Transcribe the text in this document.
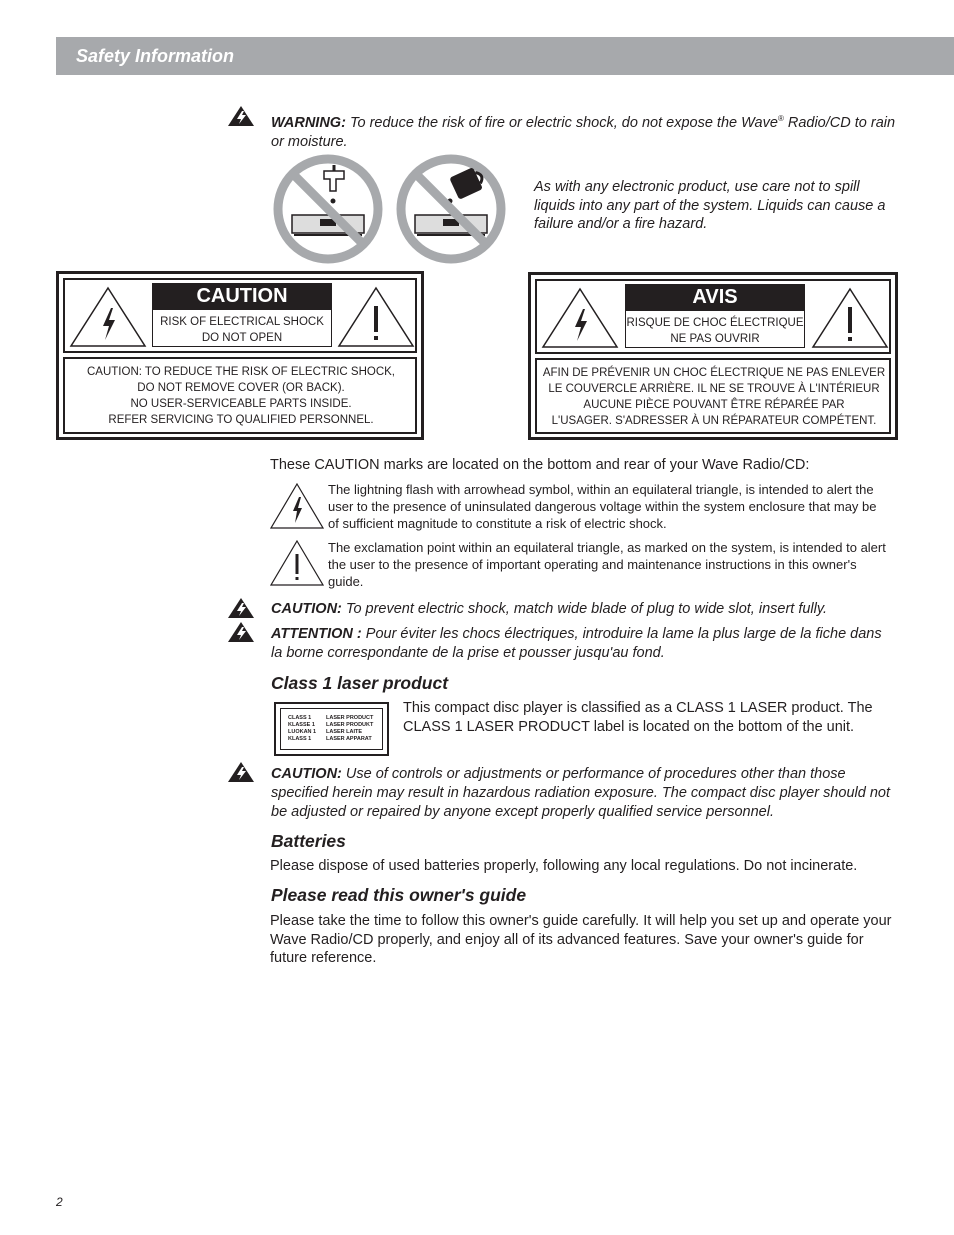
Safety Information
WARNING: To reduce the risk of fire or electric shock, do not expose the Wave® Radio/CD to rain or moisture.
As with any electronic product, use care not to spill liquids into any part of the system. Liquids can cause a failure and/or a fire hazard.
CAUTION
RISK OF ELECTRICAL SHOCK
DO NOT OPEN
CAUTION: TO REDUCE THE RISK OF ELECTRIC SHOCK,
DO NOT REMOVE COVER (OR BACK).
NO USER-SERVICEABLE PARTS INSIDE.
REFER SERVICING TO QUALIFIED PERSONNEL.
AVIS
RISQUE DE CHOC ÉLECTRIQUE
NE PAS OUVRIR
AFIN DE PRÉVENIR UN CHOC ÉLECTRIQUE NE PAS ENLEVER
LE COUVERCLE ARRIÈRE. IL NE SE TROUVE À L'INTÉRIEUR
AUCUNE PIÈCE POUVANT ÊTRE RÉPARÉE PAR
L'USAGER. S'ADRESSER À UN RÉPARATEUR COMPÉTENT.
These CAUTION marks are located on the bottom and rear of your Wave Radio/CD:
The lightning flash with arrowhead symbol, within an equilateral triangle, is intended to alert the user to the presence of uninsulated dangerous voltage within the system enclosure that may be of sufficient magnitude to constitute a risk of electric shock.
The exclamation point within an equilateral triangle, as marked on the system, is intended to alert the user to the presence of important operating and maintenance instructions in this owner's guide.
CAUTION: To prevent electric shock, match wide blade of plug to wide slot, insert fully.
ATTENTION : Pour éviter les chocs électriques, introduire la lame la plus large de la fiche dans la borne correspondante de la prise et pousser jusqu'au fond.
Class 1 laser product
CLASS 1
KLASSE 1
LUOKAN 1
KLASS 1
LASER PRODUCT
LASER PRODUKT
LASER LAITE
LASER APPARAT
This compact disc player is classified as a CLASS 1 LASER product. The CLASS 1 LASER PRODUCT label is located on the bottom of the unit.
CAUTION: Use of controls or adjustments or performance of procedures other than those specified herein may result in hazardous radiation exposure. The compact disc player should not be adjusted or repaired by anyone except properly qualified service personnel.
Batteries
Please dispose of used batteries properly, following any local regulations. Do not incinerate.
Please read this owner's guide
Please take the time to follow this owner's guide carefully. It will help you set up and operate your Wave Radio/CD properly, and enjoy all of its advanced features. Save your owner's guide for future reference.
2
